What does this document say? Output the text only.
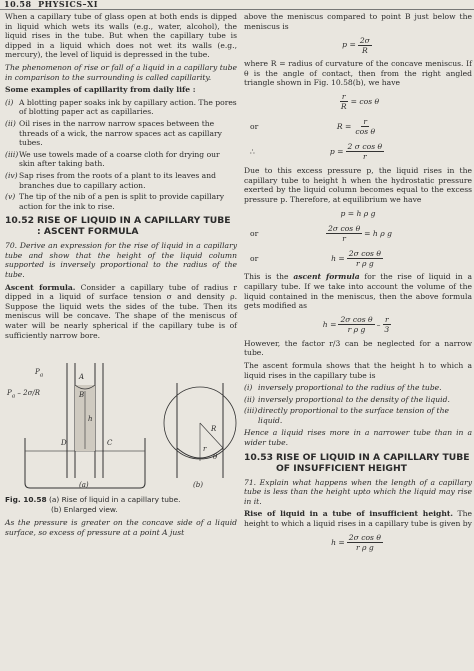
10.58 PHYSICS–XI

When a capillary tube of glass open at both ends is dipped in liquid which wets its walls (e.g., water, alcohol), the liquid rises in the tube. But when the capillary tube is dipped in a liquid which does not wet its walls (e.g., mercury), the level of liquid is depressed in the tube.

The phenomenon of rise or fall of a liquid in a capillary tube in comparison to the surrounding is called capillarity.

Some examples of capillarity from daily life :

(i) A blotting paper soaks ink by capillary action. The pores of blotting paper act as capillaries.
(ii) Oil rises in the narrow narrow spaces between the threads of a wick, the narrow spaces act as capillary tubes.
(iii) We use towels made of a coarse cloth for drying our skin after taking bath.
(iv) Sap rises from the roots of a plant to its leaves and branches due to capillary action.
(v) The tip of the nib of a pen is split to provide capillary action for the ink to rise.
10.52 RISE OF LIQUID IN A CAPILLARY TUBE : ASCENT FORMULA

70. Derive an expression for the rise of liquid in a capillary tube and show that the height of the liquid column supported is inversely proportional to the radius of the tube.

Ascent formula. Consider a capillary tube of radius r dipped in a liquid of surface tension σ and density ρ. Suppose the liquid wets the sides of the tube. Then its meniscus will be concave. The shape of the meniscus of water will be nearly spherical if the capillary tube is of sufficiently narrow bore.

$P_a$
$P_a - 2\sigma/R$
A
B
h
C
D
R
r
θ
(a)	(b)
Fig. 10.58 (a) Rise of liquid in a capillary tube.
(b) Enlarged view.

As the pressure is greater on the concave side of a liquid surface, so excess of pressure at a point A just

above the meniscus compared to point B just below the meniscus is

$p = \frac{2\sigma}{R}$

where R = radius of curvature of the concave meniscus. If θ is the angle of contact, then from the right angled triangle shown in Fig. 10.58(b), we have

$\frac{r}{R} = \cos \theta$
or	$R = \frac{r}{\text{cos θ}}$
∴	$p = \frac{\text{2 σ cos θ}}{r}$

Due to this excess pressure p, the liquid rises in the capillary tube to height h when the hydrostatic pressure exerted by the liquid column becomes equal to the excess pressure p. Therefore, at equilibrium we have

p = h ρ g
or	$\frac{\text{2σ cos θ}}{r} = h$ ρ g
or	$h = \frac{\text{2σ cos θ}}{\text{r ρ g}}$

This is the ascent formula for the rise of liquid in a capillary tube. If we take into account the volume of the liquid contained in the meniscus, then the above formula gets modified as

$h = \frac{\text{2σ cos θ}}{\text{r ρ g}} - \frac{r}{3}$

However, the factor r/3 can be neglected for a narrow tube.

The ascent formula shows that the height h to which a liquid rises in the capillary tube is

(i) inversely proportional to the radius of the tube.
(ii) inversely proportional to the density of the liquid.
(iii) directly proportional to the surface tension of the liquid.

Hence a liquid rises more in a narrower tube than in a wider tube.

10.53 RISE OF LIQUID IN A CAPILLARY TUBE OF INSUFFICIENT HEIGHT

71. Explain what happens when the length of a capillary tube is less than the height upto which the liquid may rise in it.

Rise of liquid in a tube of insufficient height. The height to which a liquid rises in a capillary tube is given by

$h = \frac{\text{2σ cos θ}}{\text{r ρ g}}$
